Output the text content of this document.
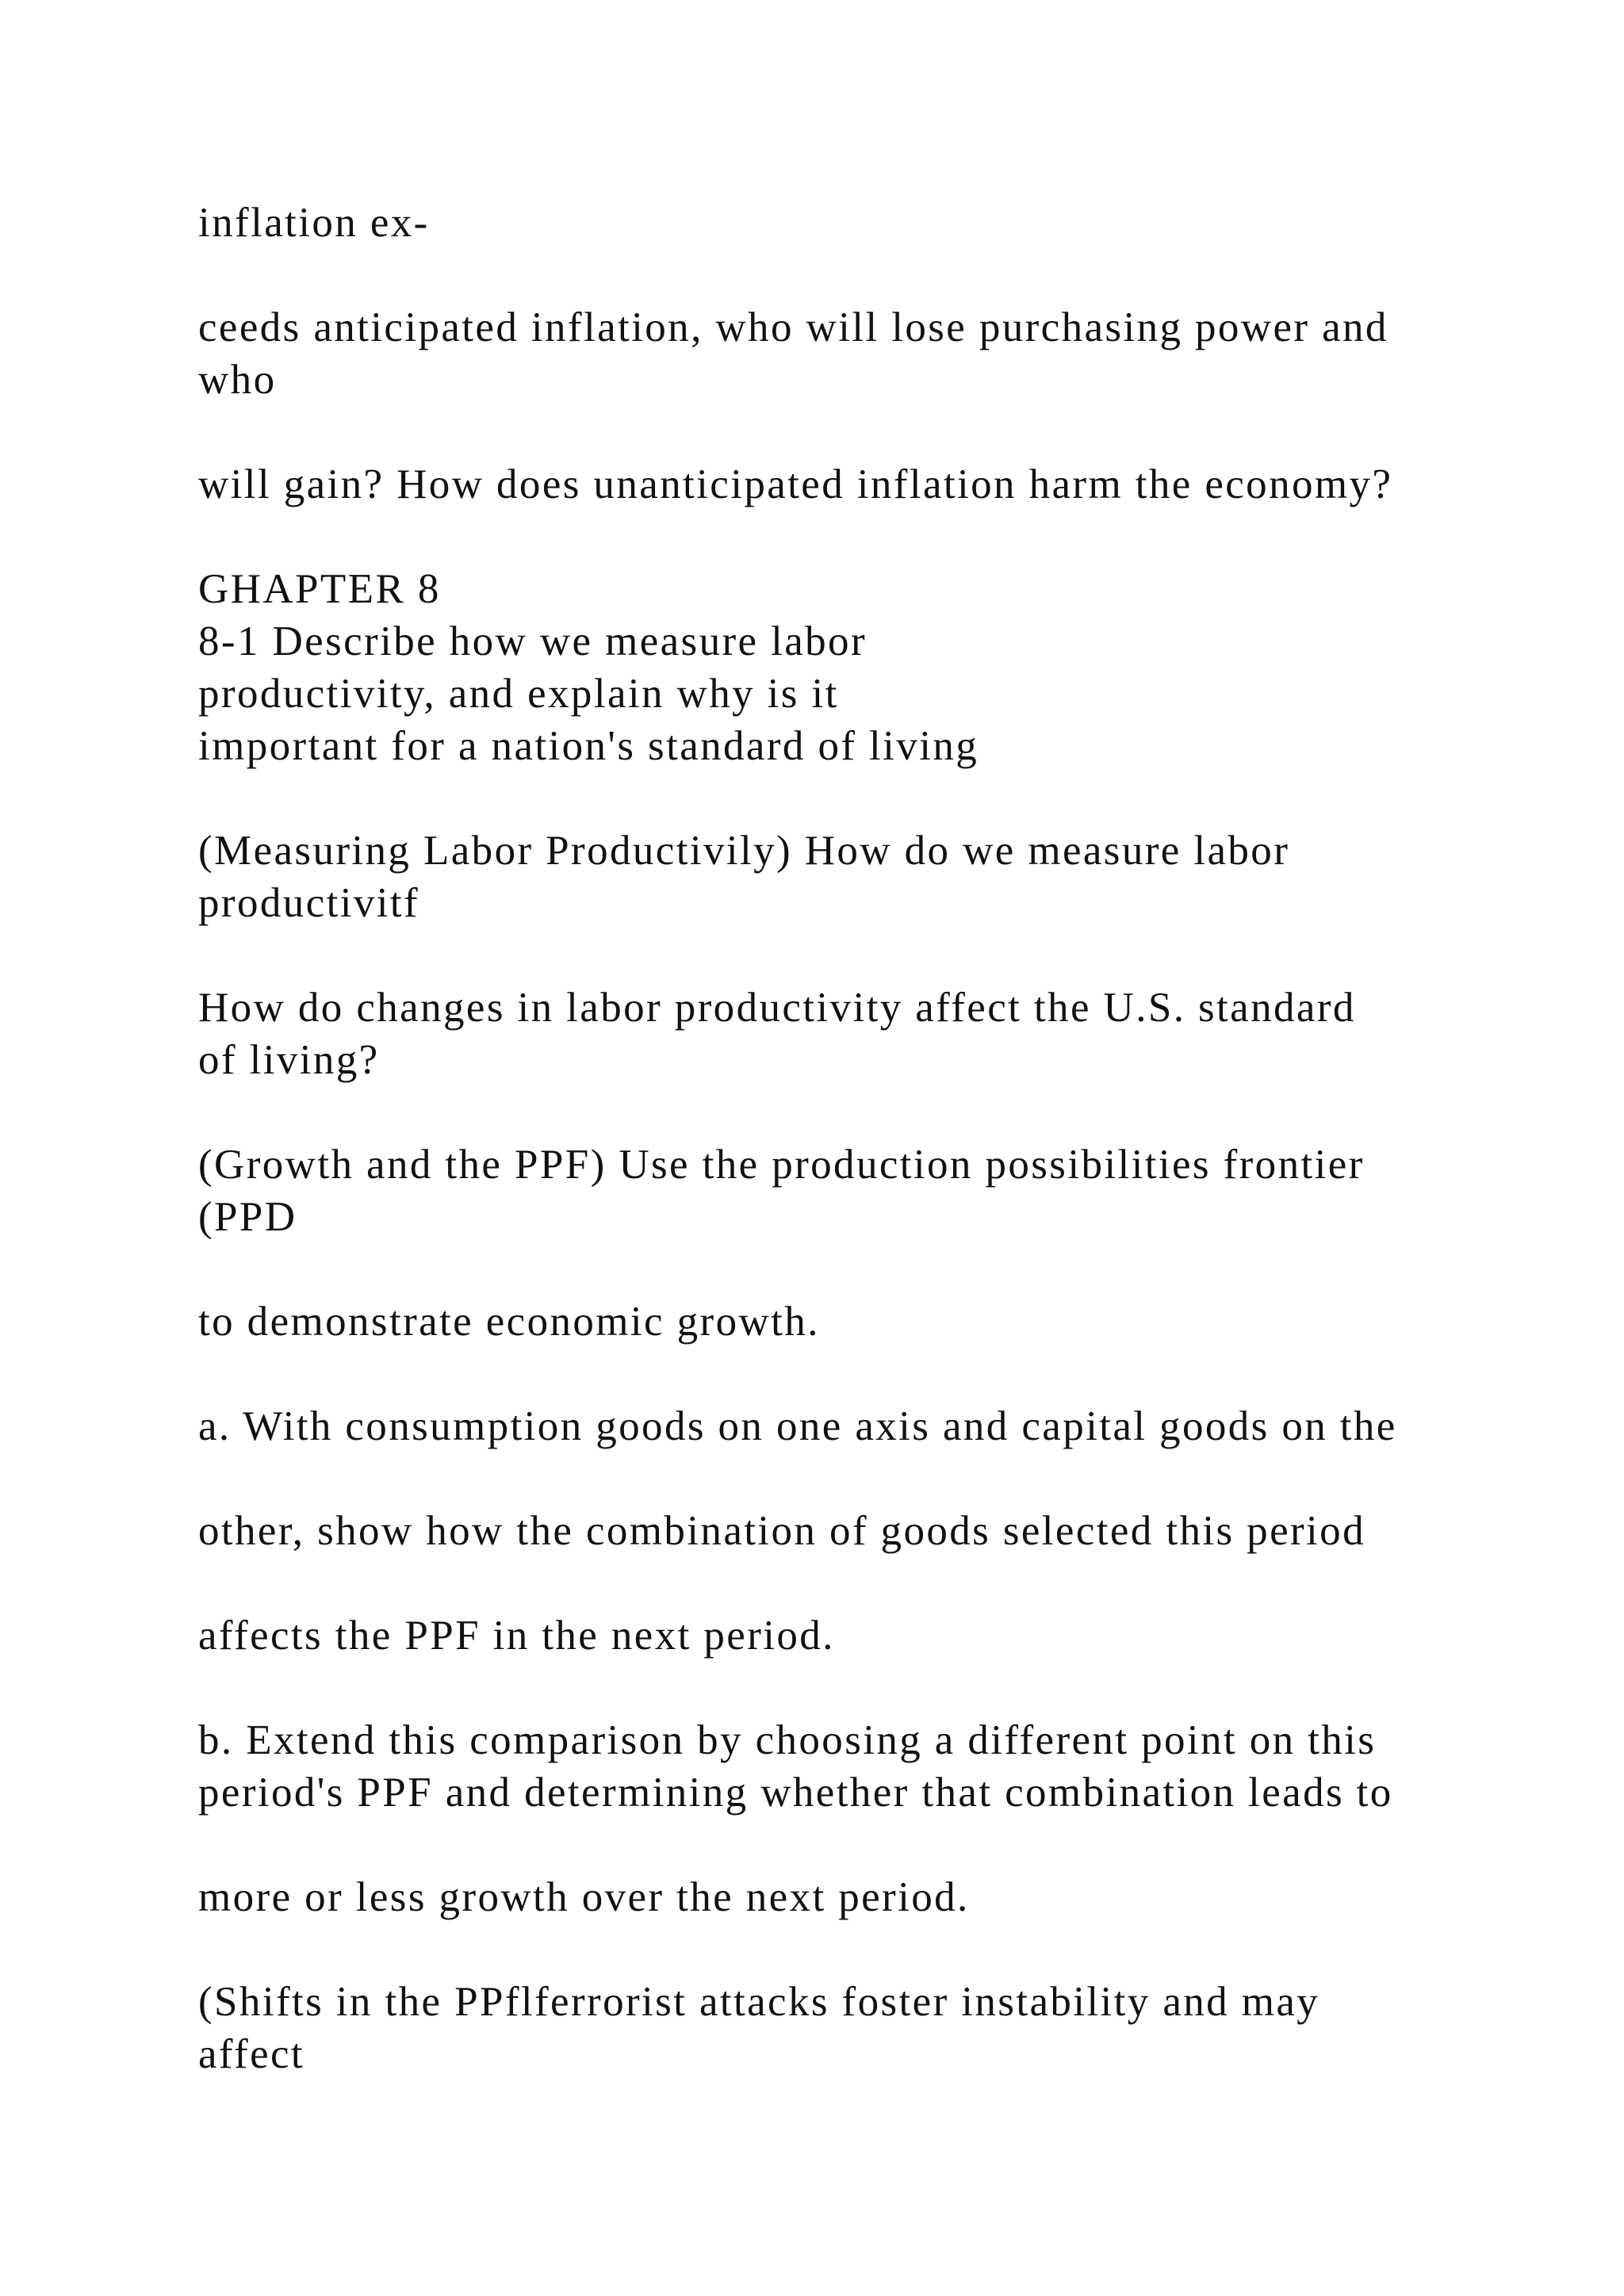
inflation ex-

ceeds anticipated inflation, who will lose purchasing power and

who

will gain? How does unanticipated inflation harm the economy?

GHAPTER 8

8-1 Describe how we measure labor

productivity, and explain why is it

important for a nation's standard of living

(Measuring Labor Productivily) How do we measure labor

productivitf

How do changes in labor productivity affect the U.S. standard

of living?

(Growth and the PPF) Use the production possibilities frontier

(PPD

to demonstrate economic growth.

a. With consumption goods on one axis and capital goods on the

other, show how the combination of goods selected this period

affects the PPF in the next period.

b. Extend this comparison by choosing a different point on this

period's PPF and determining whether that combination leads to

more or less growth over the next period.

(Shifts in the PPflferrorist attacks foster instability and may

affect
